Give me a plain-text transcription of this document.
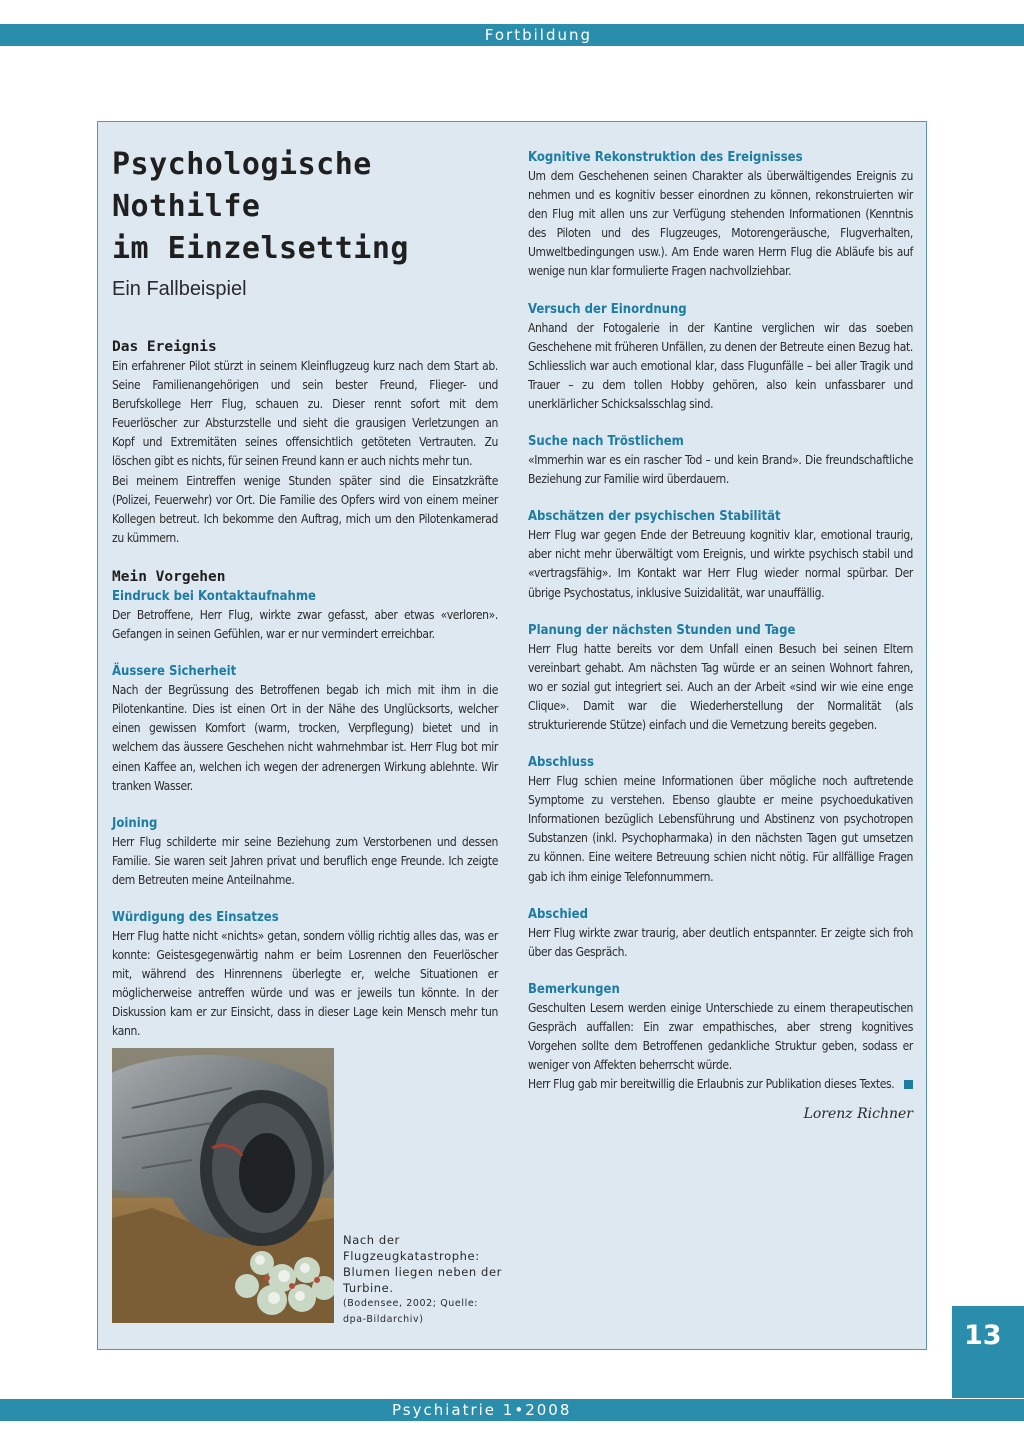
Fortbildung
Psychologische Nothilfe
im Einzelsetting
Ein Fallbeispiel
Das Ereignis

Ein erfahrener Pilot stürzt in seinem Kleinflugzeug kurz nach dem Start ab. Seine Familienangehörigen und sein bester Freund, Flieger- und Berufskollege Herr Flug, schauen zu. Dieser rennt sofort mit dem Feuerlöscher zur Absturzstelle und sieht die grausigen Verletzungen an Kopf und Extremitäten seines offensichtlich getöteten Vertrauten. Zu löschen gibt es nichts, für seinen Freund kann er auch nichts mehr tun.

Bei meinem Eintreffen wenige Stunden später sind die Einsatzkräfte (Polizei, Feuerwehr) vor Ort. Die Familie des Opfers wird von einem meiner Kollegen betreut. Ich bekomme den Auftrag, mich um den Pilotenkamerad zu kümmern.

Mein Vorgehen
Eindruck bei Kontaktaufnahme

Der Betroffene, Herr Flug, wirkte zwar gefasst, aber etwas «verloren». Gefangen in seinen Gefühlen, war er nur vermindert erreichbar.

Äussere Sicherheit

Nach der Begrüssung des Betroffenen begab ich mich mit ihm in die Pilotenkantine. Dies ist einen Ort in der Nähe des Unglücksorts, welcher einen gewissen Komfort (warm, trocken, Verpflegung) bietet und in welchem das äussere Geschehen nicht wahrnehmbar ist. Herr Flug bot mir einen Kaffee an, welchen ich wegen der adrenergen Wirkung ablehnte. Wir tranken Wasser.

Joining

Herr Flug schilderte mir seine Beziehung zum Verstorbenen und dessen Familie. Sie waren seit Jahren privat und beruflich enge Freunde. Ich zeigte dem Betreuten meine Anteilnahme.

Würdigung des Einsatzes

Herr Flug hatte nicht «nichts» getan, sondern völlig richtig alles das, was er konnte: Geistesgegenwärtig nahm er beim Losrennen den Feuerlöscher mit, während des Hinrennens überlegte er, welche Situationen er möglicherweise antreffen würde und was er jeweils tun könnte. In der Diskussion kam er zur Einsicht, dass in dieser Lage kein Mensch mehr tun kann.

Nach der Flugzeugkatastrophe: Blumen liegen neben der Turbine.
(Bodensee, 2002; Quelle: dpa-Bildarchiv)
Kognitive Rekonstruktion des Ereignisses

Um dem Geschehenen seinen Charakter als überwältigendes Ereignis zu nehmen und es kognitiv besser einordnen zu können, rekonstruierten wir den Flug mit allen uns zur Verfügung stehenden Informationen (Kenntnis des Piloten und des Flugzeuges, Motorengeräusche, Flugverhalten, Umweltbedingungen usw.). Am Ende waren Herrn Flug die Abläufe bis auf wenige nun klar formulierte Fragen nachvollziehbar.

Versuch der Einordnung

Anhand der Fotogalerie in der Kantine verglichen wir das soeben Geschehene mit früheren Unfällen, zu denen der Betreute einen Bezug hat. Schliesslich war auch emotional klar, dass Flugunfälle – bei aller Tragik und Trauer – zu dem tollen Hobby gehören, also kein unfassbarer und unerklärlicher Schicksalsschlag sind.

Suche nach Tröstlichem

«Immerhin war es ein rascher Tod – und kein Brand». Die freundschaftliche Beziehung zur Familie wird überdauern.

Abschätzen der psychischen Stabilität

Herr Flug war gegen Ende der Betreuung kognitiv klar, emotional traurig, aber nicht mehr überwältigt vom Ereignis, und wirkte psychisch stabil und «vertragsfähig». Im Kontakt war Herr Flug wieder normal spürbar. Der übrige Psychostatus, inklusive Suizidalität, war unauffällig.

Planung der nächsten Stunden und Tage

Herr Flug hatte bereits vor dem Unfall einen Besuch bei seinen Eltern vereinbart gehabt. Am nächsten Tag würde er an seinen Wohnort fahren, wo er sozial gut integriert sei. Auch an der Arbeit «sind wir wie eine enge Clique». Damit war die Wiederherstellung der Normalität (als strukturierende Stütze) einfach und die Vernetzung bereits gegeben.

Abschluss

Herr Flug schien meine Informationen über mögliche noch auftretende Symptome zu verstehen. Ebenso glaubte er meine psychoedukativen Informationen bezüglich Lebensführung und Abstinenz von psychotropen Substanzen (inkl. Psychopharmaka) in den nächsten Tagen gut umsetzen zu können. Eine weitere Betreuung schien nicht nötig. Für allfällige Fragen gab ich ihm einige Telefonnummern.

Abschied

Herr Flug wirkte zwar traurig, aber deutlich entspannter. Er zeigte sich froh über das Gespräch.

Bemerkungen

Geschulten Lesern werden einige Unterschiede zu einem therapeutischen Gespräch auffallen: Ein zwar empathisches, aber streng kognitives Vorgehen sollte dem Betroffenen gedankliche Struktur geben, sodass er weniger von Affekten beherrscht würde.

Herr Flug gab mir bereitwillig die Erlaubnis zur Publikation dieses Textes.

Lorenz Richner
13
Psychiatrie 1•2008
